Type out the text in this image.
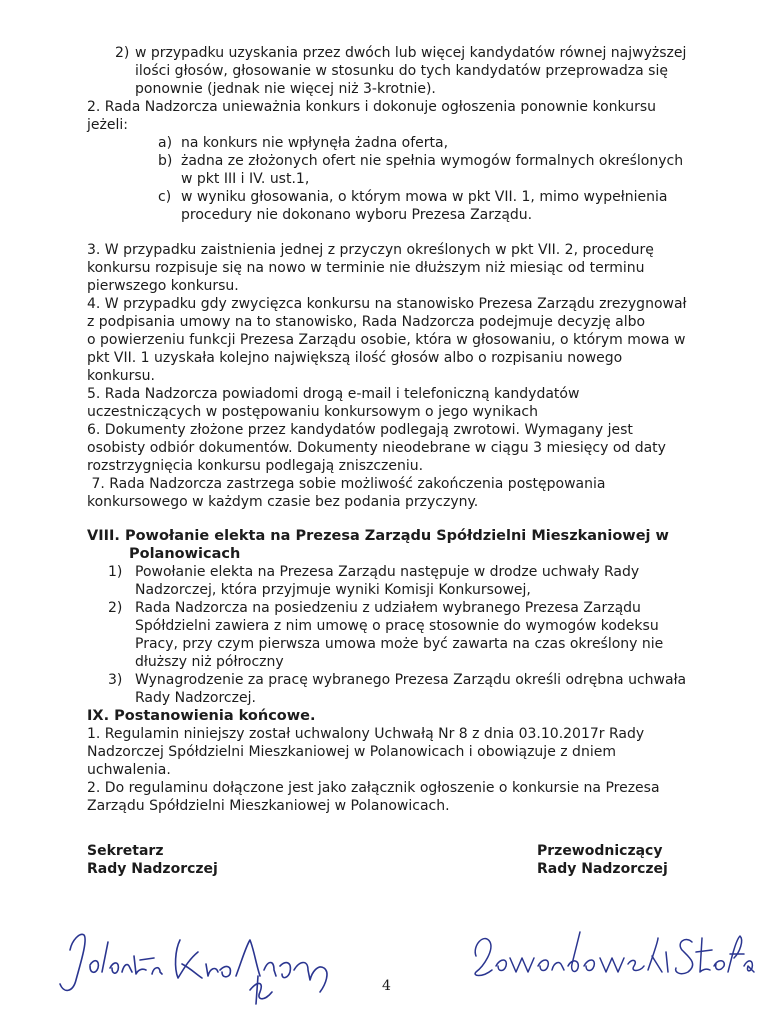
2) w przypadku uzyskania przez dwóch lub więcej kandydatów równej najwyższej
ilości głosów, głosowanie w stosunku do tych kandydatów przeprowadza się
ponownie (jednak nie więcej niż 3-krotnie).
2. Rada Nadzorcza unieważnia konkurs i dokonuje ogłoszenia ponownie konkursu
jeżeli:
a) na konkurs nie wpłynęła żadna oferta,
b) żadna ze złożonych ofert nie spełnia wymogów formalnych określonych
w pkt III i IV. ust.1,
c) w wyniku głosowania, o którym mowa w pkt VII. 1, mimo wypełnienia
procedury nie dokonano wyboru Prezesa Zarządu.
3. W przypadku zaistnienia jednej z przyczyn określonych w pkt VII. 2, procedurę
konkursu rozpisuje się na nowo w terminie nie dłuższym niż miesiąc od terminu
pierwszego konkursu.
4. W przypadku gdy zwycięzca konkursu na stanowisko Prezesa Zarządu zrezygnował
z podpisania umowy na to stanowisko, Rada Nadzorcza podejmuje decyzję albo
o powierzeniu funkcji Prezesa Zarządu osobie, która w głosowaniu, o którym mowa w
pkt VII. 1 uzyskała kolejno największą ilość głosów albo o rozpisaniu nowego
konkursu.
5. Rada Nadzorcza powiadomi drogą e-mail i telefoniczną kandydatów
uczestniczących w postępowaniu konkursowym o jego wynikach
6. Dokumenty złożone przez kandydatów podlegają zwrotowi. Wymagany jest
osobisty odbiór dokumentów. Dokumenty nieodebrane w ciągu 3 miesięcy od daty
rozstrzygnięcia konkursu podlegają zniszczeniu.
7. Rada Nadzorcza zastrzega sobie możliwość zakończenia postępowania
konkursowego w każdym czasie bez podania przyczyny.
VIII. Powołanie elekta na Prezesa Zarządu Spółdzielni Mieszkaniowej w
Polanowicach
1) Powołanie elekta na Prezesa Zarządu następuje w drodze uchwały Rady
Nadzorczej, która przyjmuje wyniki Komisji Konkursowej,
2) Rada Nadzorcza na posiedzeniu z udziałem wybranego Prezesa Zarządu
Spółdzielni zawiera z nim umowę o pracę stosownie do wymogów kodeksu
Pracy, przy czym pierwsza umowa może być zawarta na czas określony nie
dłuższy niż półroczny
3) Wynagrodzenie za pracę wybranego Prezesa Zarządu określi odrębna uchwała
Rady Nadzorczej.
IX. Postanowienia końcowe.
1. Regulamin niniejszy został uchwalony Uchwałą Nr 8 z dnia 03.10.2017r Rady
Nadzorczej Spółdzielni Mieszkaniowej w Polanowicach i obowiązuje z dniem
uchwalenia.
2. Do regulaminu dołączone jest jako załącznik ogłoszenie o konkursie na Prezesa
Zarządu Spółdzielni Mieszkaniowej w Polanowicach.
Sekretarz
Rady Nadzorczej
Przewodniczący
Rady Nadzorczej
4
